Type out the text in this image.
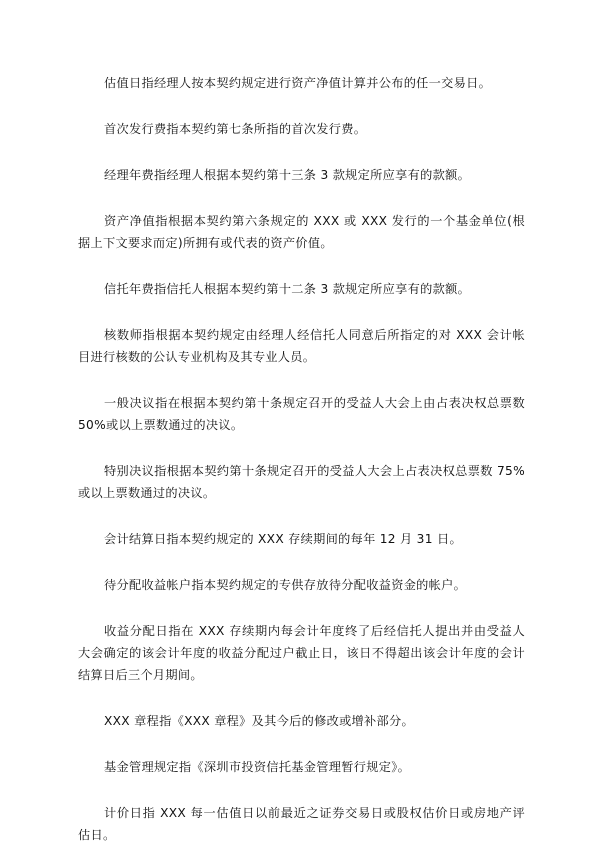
估值日指经理人按本契约规定进行资产净值计算并公布的任一交易日。

首次发行费指本契约第七条所指的首次发行费。

经理年费指经理人根据本契约第十三条 3 款规定所应享有的款额。

资产净值指根据本契约第六条规定的 XXX 或 XXX 发行的一个基金单位(根据上下文要求而定)所拥有或代表的资产价值。

信托年费指信托人根据本契约第十二条 3 款规定所应享有的款额。

核数师指根据本契约规定由经理人经信托人同意后所指定的对 XXX 会计帐目进行核数的公认专业机构及其专业人员。

一般决议指在根据本契约第十条规定召开的受益人大会上由占表决权总票数 50%或以上票数通过的决议。

特别决议指根据本契约第十条规定召开的受益人大会上占表决权总票数 75%或以上票数通过的决议。

会计结算日指本契约规定的 XXX 存续期间的每年 12 月 31 日。

待分配收益帐户指本契约规定的专供存放待分配收益资金的帐户。

收益分配日指在 XXX 存续期内每会计年度终了后经信托人提出并由受益人大会确定的该会计年度的收益分配过户截止日，该日不得超出该会计年度的会计结算日后三个月期间。

XXX 章程指《XXX 章程》及其今后的修改或增补部分。

基金管理规定指《深圳市投资信托基金管理暂行规定》。

计价日指 XXX 每一估值日以前最近之证券交易日或股权估价日或房地产评估日。
